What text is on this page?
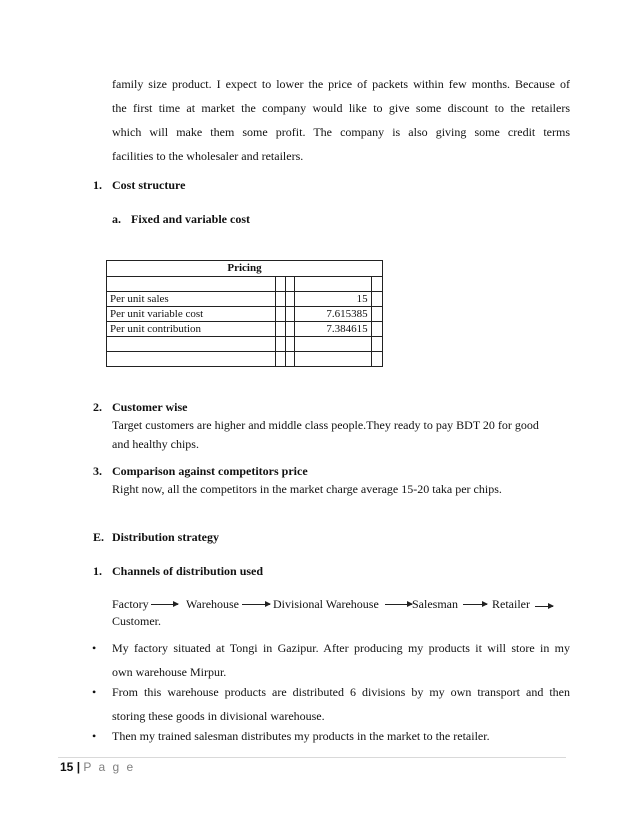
family size product. I expect to lower the price of packets within few months. Because of
the first time at market the company would like to give some discount to the retailers
which will make them some profit. The company is also giving some credit terms
facilities to the wholesaler and retailers.
1. Cost structure
a. Fixed and variable cost
Pricing				

Per unit sales			15	
Per unit variable cost			7.615385	
Per unit contribution			7.384615	

2. Customer wise
Target customers are higher and middle class people.They ready to pay BDT 20 for good
and healthy chips.
3. Comparison against competitors price
Right now, all the competitors in the market charge average 15-20 taka per chips.
E. Distribution strategy
1. Channels of distribution used
Factory	Warehouse	Divisional Warehouse	Salesman	Retailer
Customer.
• My factory situated at Tongi in Gazipur. After producing my products it will store in my
own warehouse Mirpur.
• From this warehouse products are distributed 6 divisions by my own transport and then
storing these goods in divisional warehouse.
• Then my trained salesman distributes my products in the market to the retailer.
15 | P a g e
